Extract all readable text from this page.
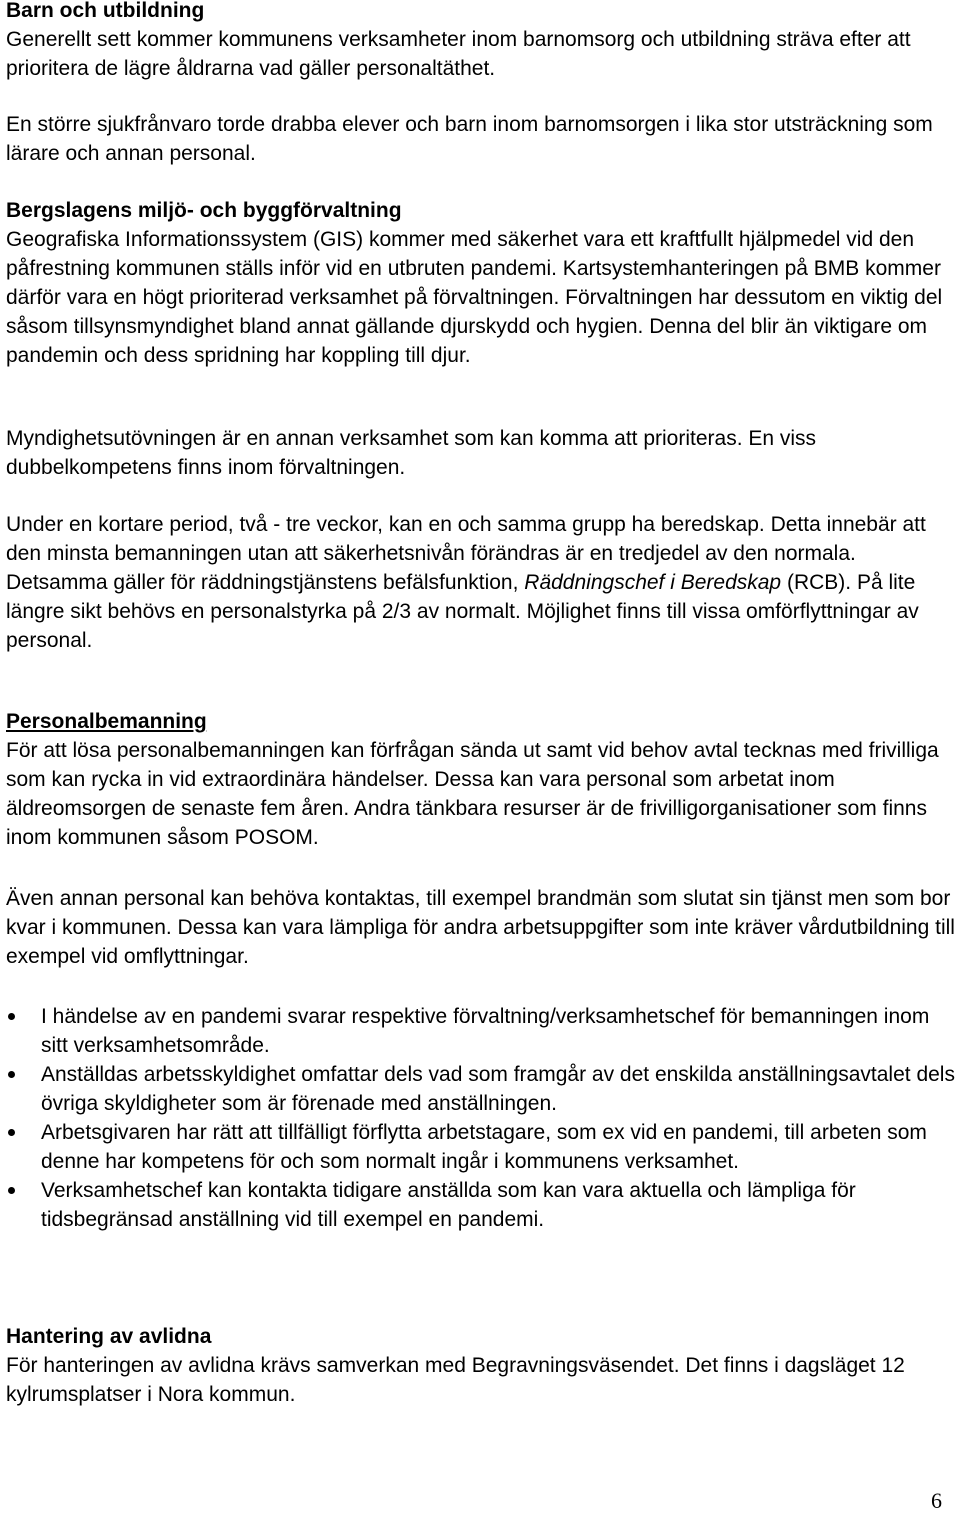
Barn och utbildning

Generellt sett kommer kommunens verksamheter inom barnomsorg och utbildning sträva efter att prioritera de lägre åldrarna vad gäller personaltäthet.

En större sjukfrånvaro torde drabba elever och barn inom barnomsorgen i lika stor utsträckning som lärare och annan personal.

Bergslagens miljö- och byggförvaltning

Geografiska Informationssystem (GIS) kommer med säkerhet vara ett kraftfullt hjälpmedel vid den påfrestning kommunen ställs inför vid en utbruten pandemi. Kartsystemhanteringen på BMB kommer därför vara en högt prioriterad verksamhet på förvaltningen. Förvaltningen har dessutom en viktig del såsom tillsynsmyndighet bland annat gällande djurskydd och hygien. Denna del blir än viktigare om pandemin och dess spridning har koppling till djur.

Myndighetsutövningen är en annan verksamhet som kan komma att prioriteras. En viss dubbelkompetens finns inom förvaltningen.

Under en kortare period, två - tre veckor, kan en och samma grupp ha beredskap. Detta innebär att den minsta bemanningen utan att säkerhetsnivån förändras är en tredjedel av den normala. Detsamma gäller för räddningstjänstens befälsfunktion, Räddningschef i Beredskap (RCB). På lite längre sikt behövs en personalstyrka på 2/3 av normalt. Möjlighet finns till vissa omförflyttningar av personal.

Personalbemanning

För att lösa personalbemanningen kan förfrågan sända ut samt vid behov avtal tecknas med frivilliga som kan rycka in vid extraordinära händelser. Dessa kan vara personal som arbetat inom äldreomsorgen de senaste fem åren. Andra tänkbara resurser är de frivilligorganisationer som finns inom kommunen såsom POSOM.

Även annan personal kan behöva kontaktas, till exempel brandmän som slutat sin tjänst men som bor kvar i kommunen. Dessa kan vara lämpliga för andra arbetsuppgifter som inte kräver vårdutbildning till exempel vid omflyttningar.

I händelse av en pandemi svarar respektive förvaltning/verksamhetschef för bemanningen inom sitt verksamhetsområde.
Anställdas arbetsskyldighet omfattar dels vad som framgår av det enskilda anställningsavtalet dels övriga skyldigheter som är förenade med anställningen.
Arbetsgivaren har rätt att tillfälligt förflytta arbetstagare, som ex vid en pandemi, till arbeten som denne har kompetens för och som normalt ingår i kommunens verksamhet.
Verksamhetschef kan kontakta tidigare anställda som kan vara aktuella och lämpliga för tidsbegränsad anställning vid till exempel en pandemi.
Hantering av avlidna

För hanteringen av avlidna krävs samverkan med Begravningsväsendet. Det finns i dagsläget 12 kylrumsplatser i Nora kommun.

6
